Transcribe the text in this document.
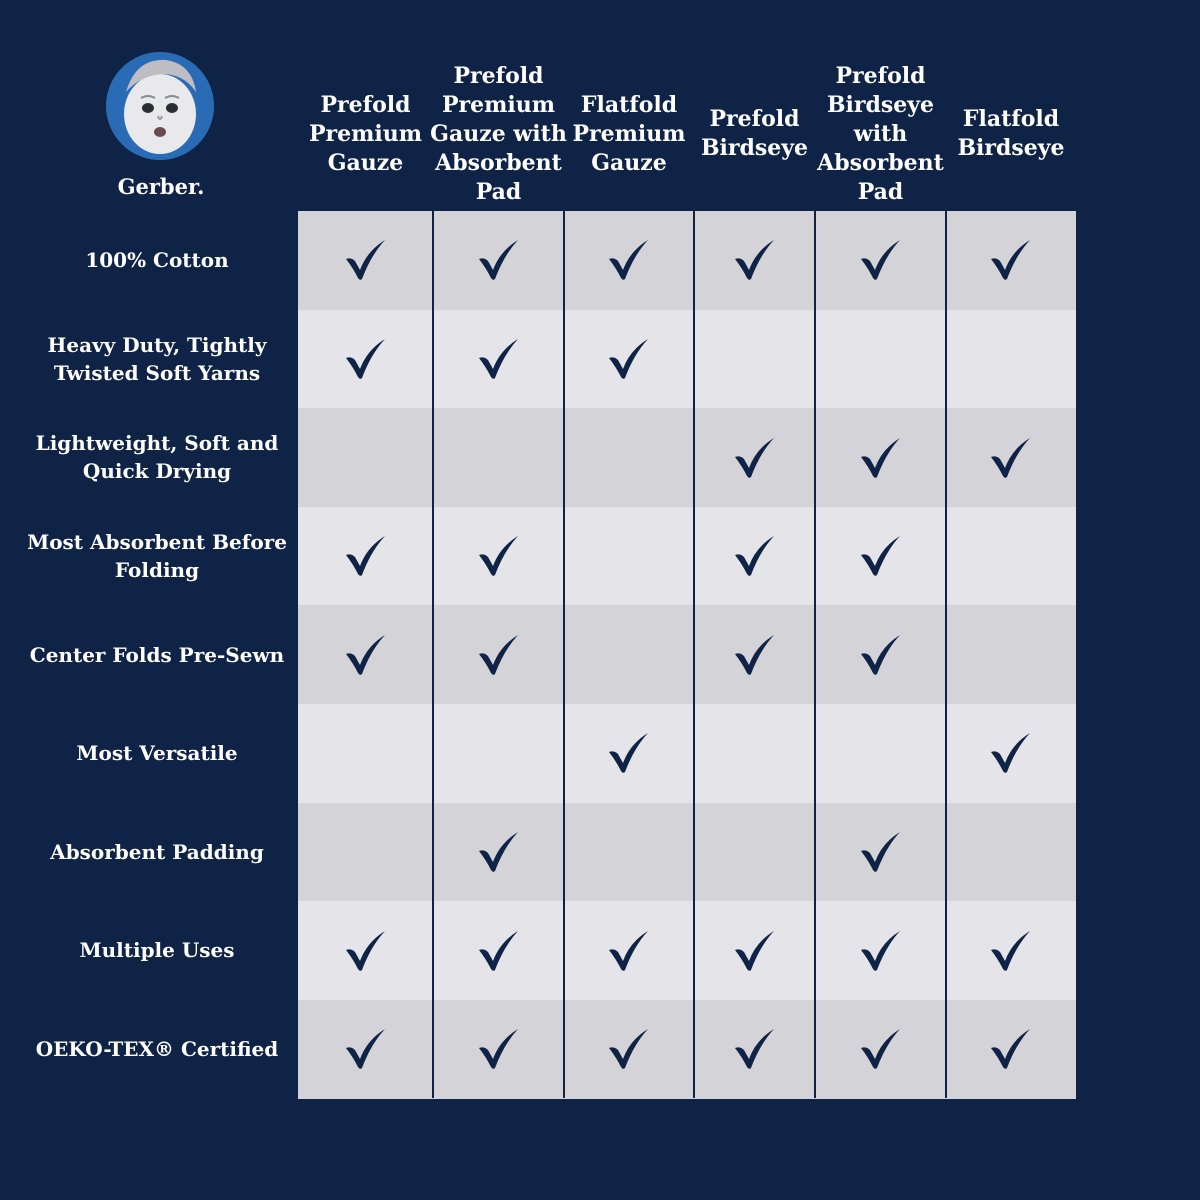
Gerber.
Prefold Premium Gauze
Prefold Premium Gauze with Absorbent Pad
Flatfold Premium Gauze
Prefold Birdseye
Prefold Birdseye with Absorbent Pad
Flatfold Birdseye
100% Cotton
Heavy Duty, Tightly Twisted Soft Yarns
Lightweight, Soft and Quick Drying
Most Absorbent Before Folding
Center Folds Pre-Sewn
Most Versatile
Absorbent Padding
Multiple Uses
OEKO-TEX® Certified
